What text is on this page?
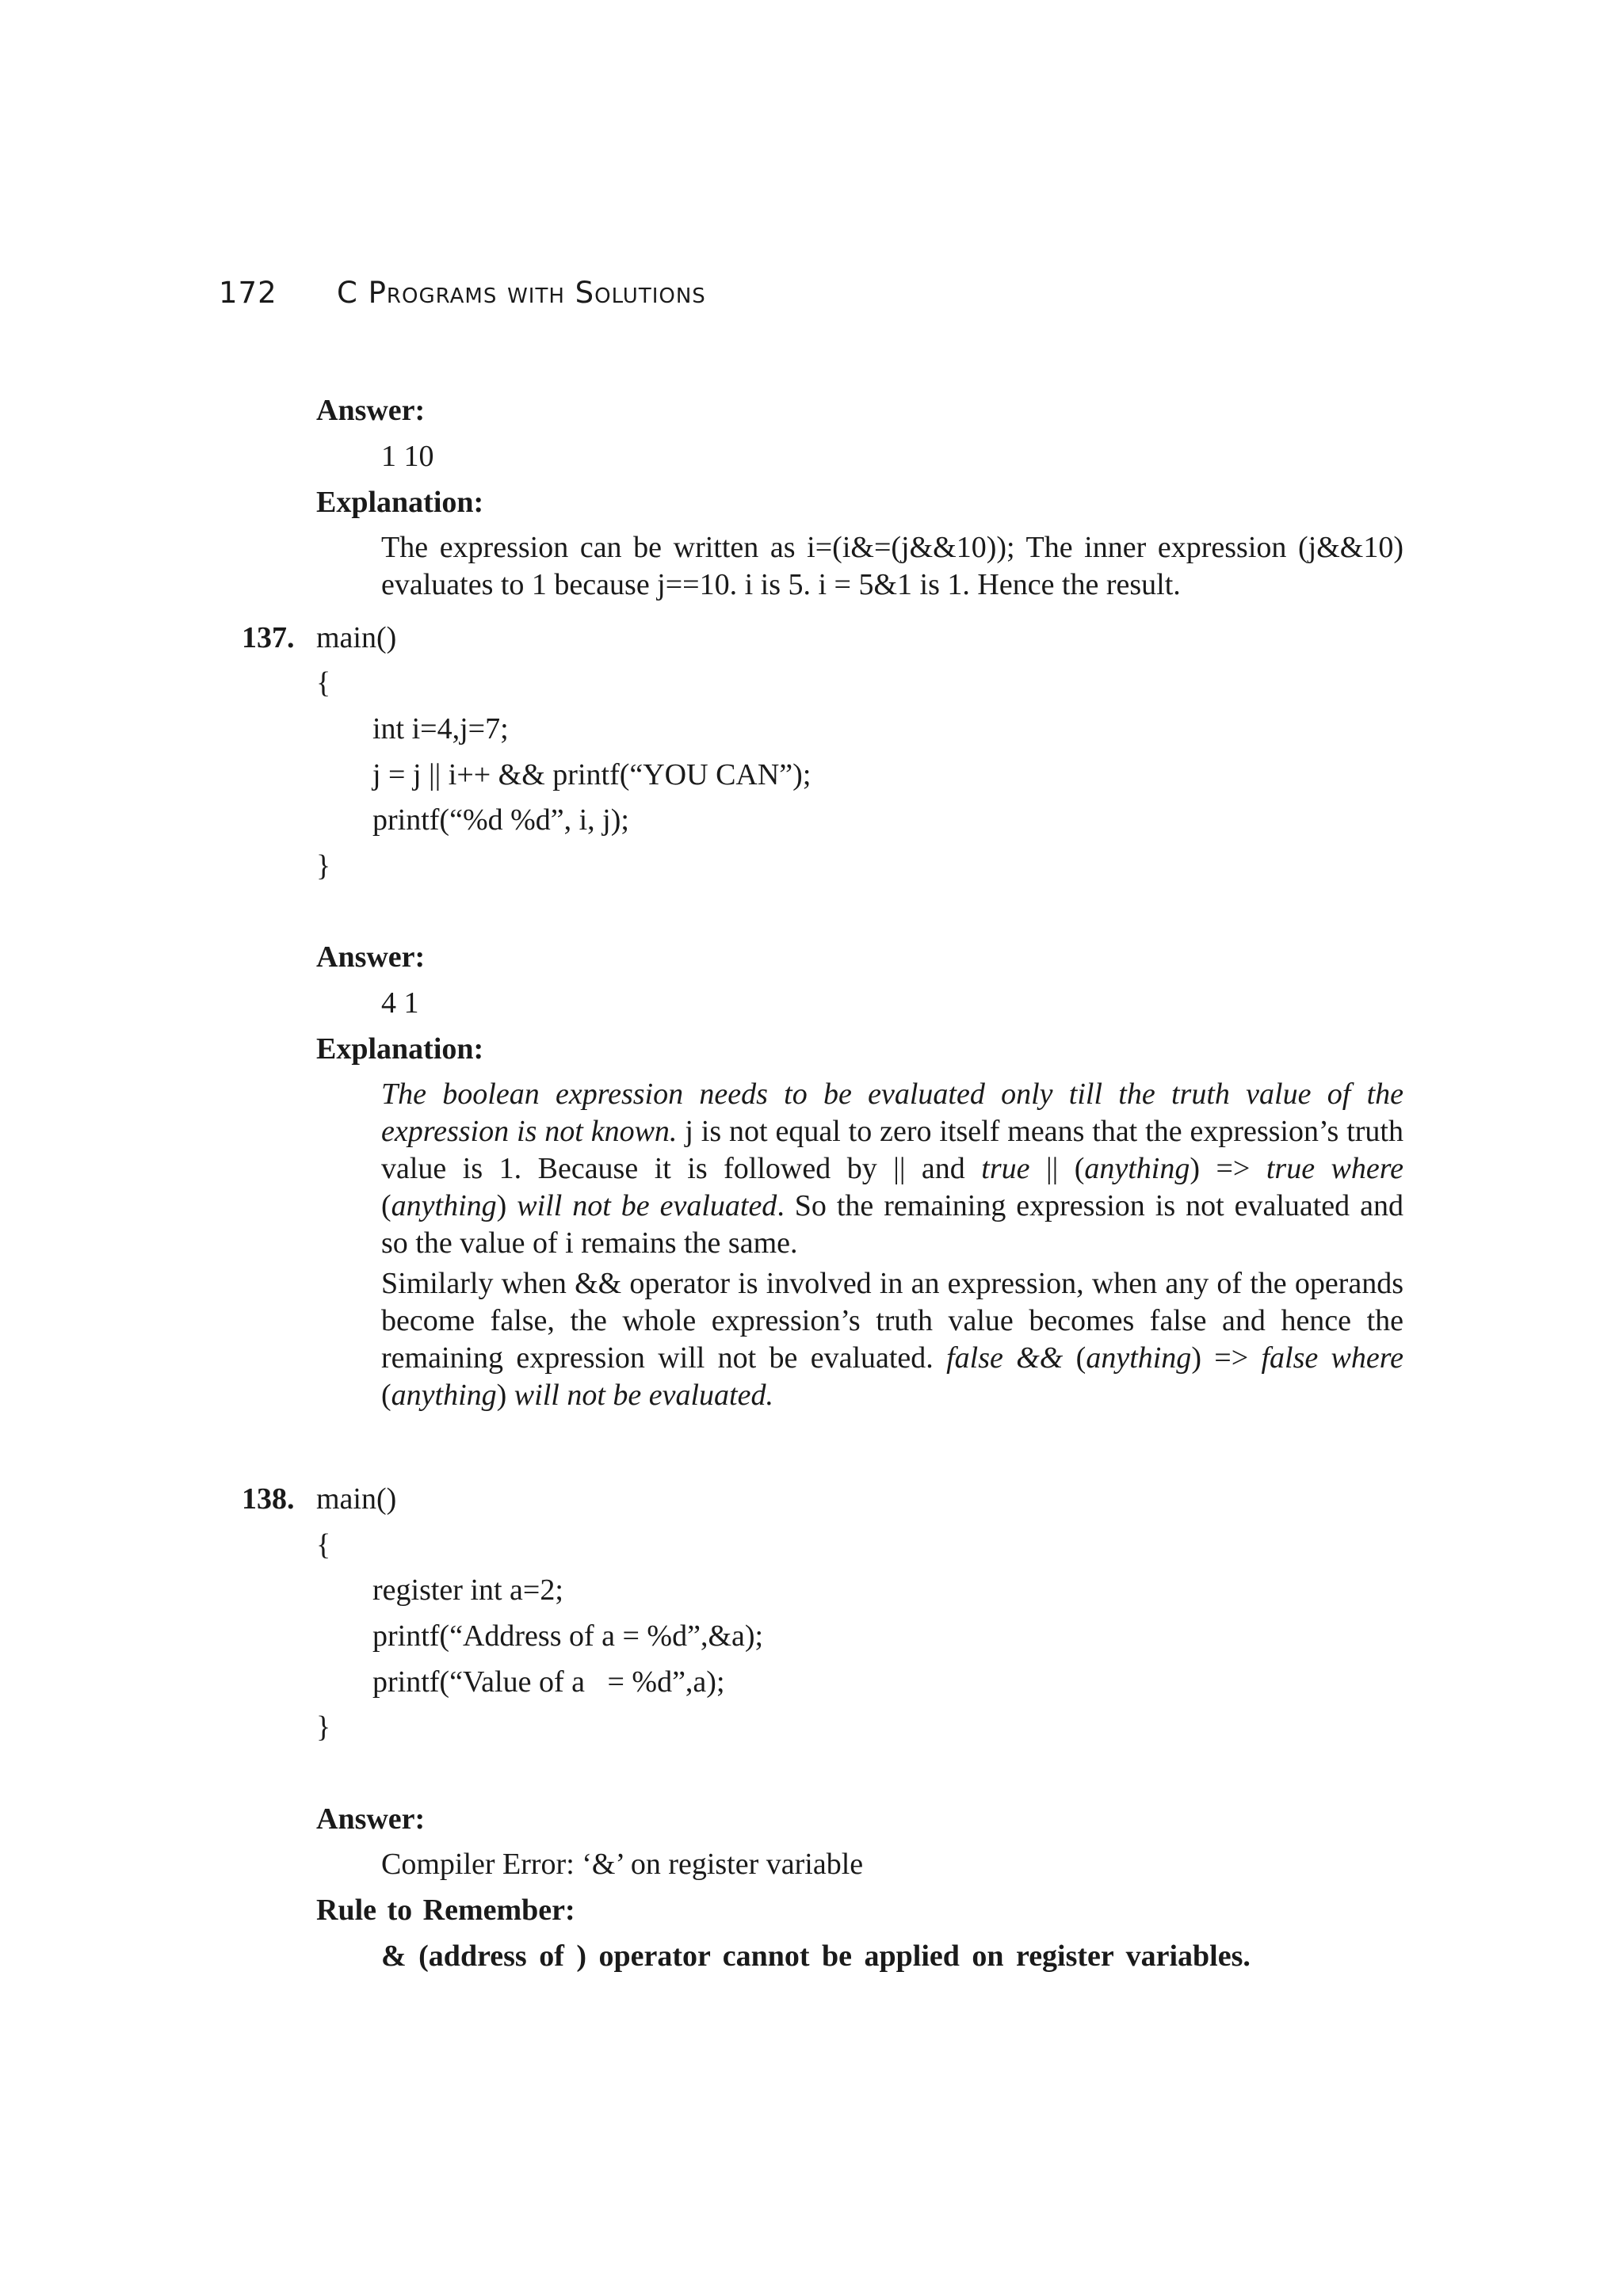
172 C Programs with Solutions
Answer:
1 10
Explanation:
The expression can be written as i=(i&=(j&&10)); The inner expression (j&&10) evaluates to 1 because j==10. i is 5. i = 5&1 is 1. Hence the result.
137. main()
{
int i=4,j=7;
j = j || i++ && printf(“YOU CAN”);
printf(“%d %d”, i, j);
}
Answer:
4 1
Explanation:
The boolean expression needs to be evaluated only till the truth value of the expression is not known. j is not equal to zero itself means that the expression’s truth value is 1. Because it is followed by || and true || (anything) => true where (anything) will not be evaluated. So the remaining expression is not evaluated and so the value of i remains the same.
Similarly when && operator is involved in an expression, when any of the operands become false, the whole expression’s truth value becomes false and hence the remaining expression will not be evaluated. false && (anything) => false where (anything) will not be evaluated.
138. main()
{
register int a=2;
printf(“Address of a = %d”,&a);
printf(“Value of a   = %d”,a);
}
Answer:
Compiler Error: ‘&’ on register variable
Rule to Remember:
& (address of ) operator cannot be applied on register variables.
